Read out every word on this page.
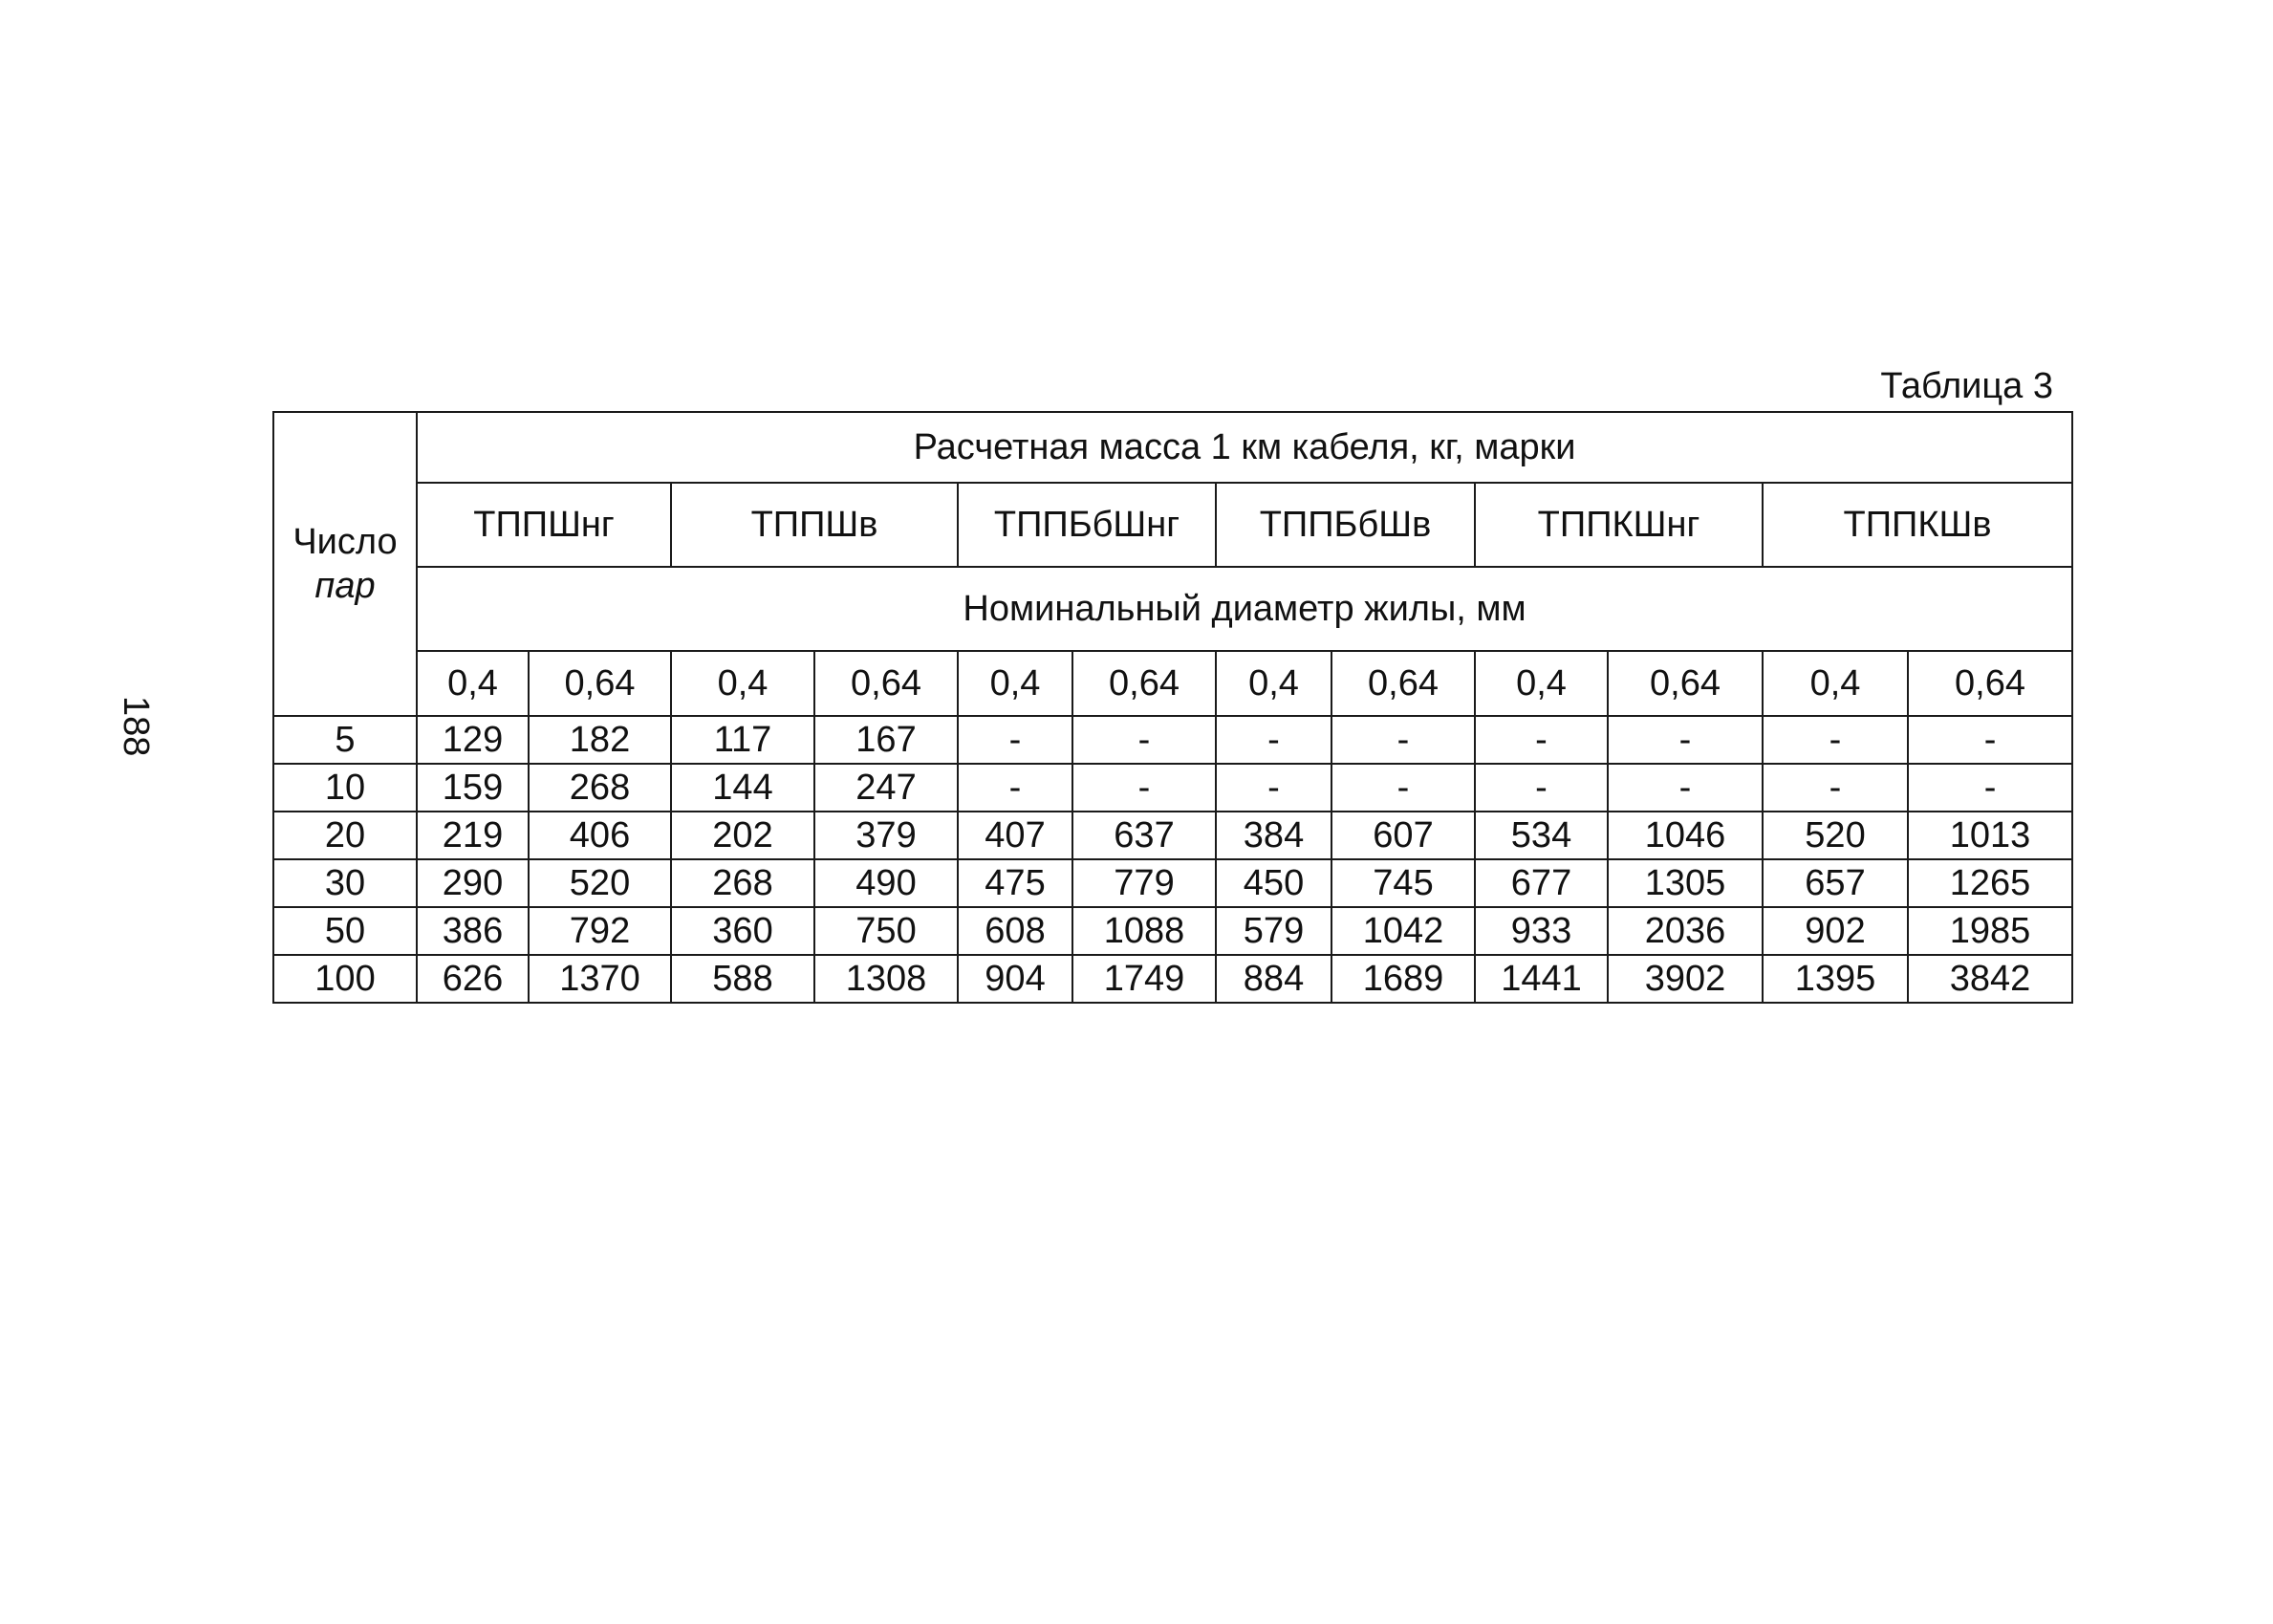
188
Таблица 3
Число
пар	Расчетная масса 1 км кабеля, кг, марки											
	ТППШнг		ТППШв		ТППБбШнг		ТППБбШв		ТППКШнг		ТППКШв	
	Номинальный диаметр жилы, мм											
	0,4	0,64	0,4	0,64	0,4	0,64	0,4	0,64	0,4	0,64	0,4	0,64
5	129	182	117	167	-	-	-	-	-	-	-	-
10	159	268	144	247	-	-	-	-	-	-	-	-
20	219	406	202	379	407	637	384	607	534	1046	520	1013
30	290	520	268	490	475	779	450	745	677	1305	657	1265
50	386	792	360	750	608	1088	579	1042	933	2036	902	1985
100	626	1370	588	1308	904	1749	884	1689	1441	3902	1395	3842
